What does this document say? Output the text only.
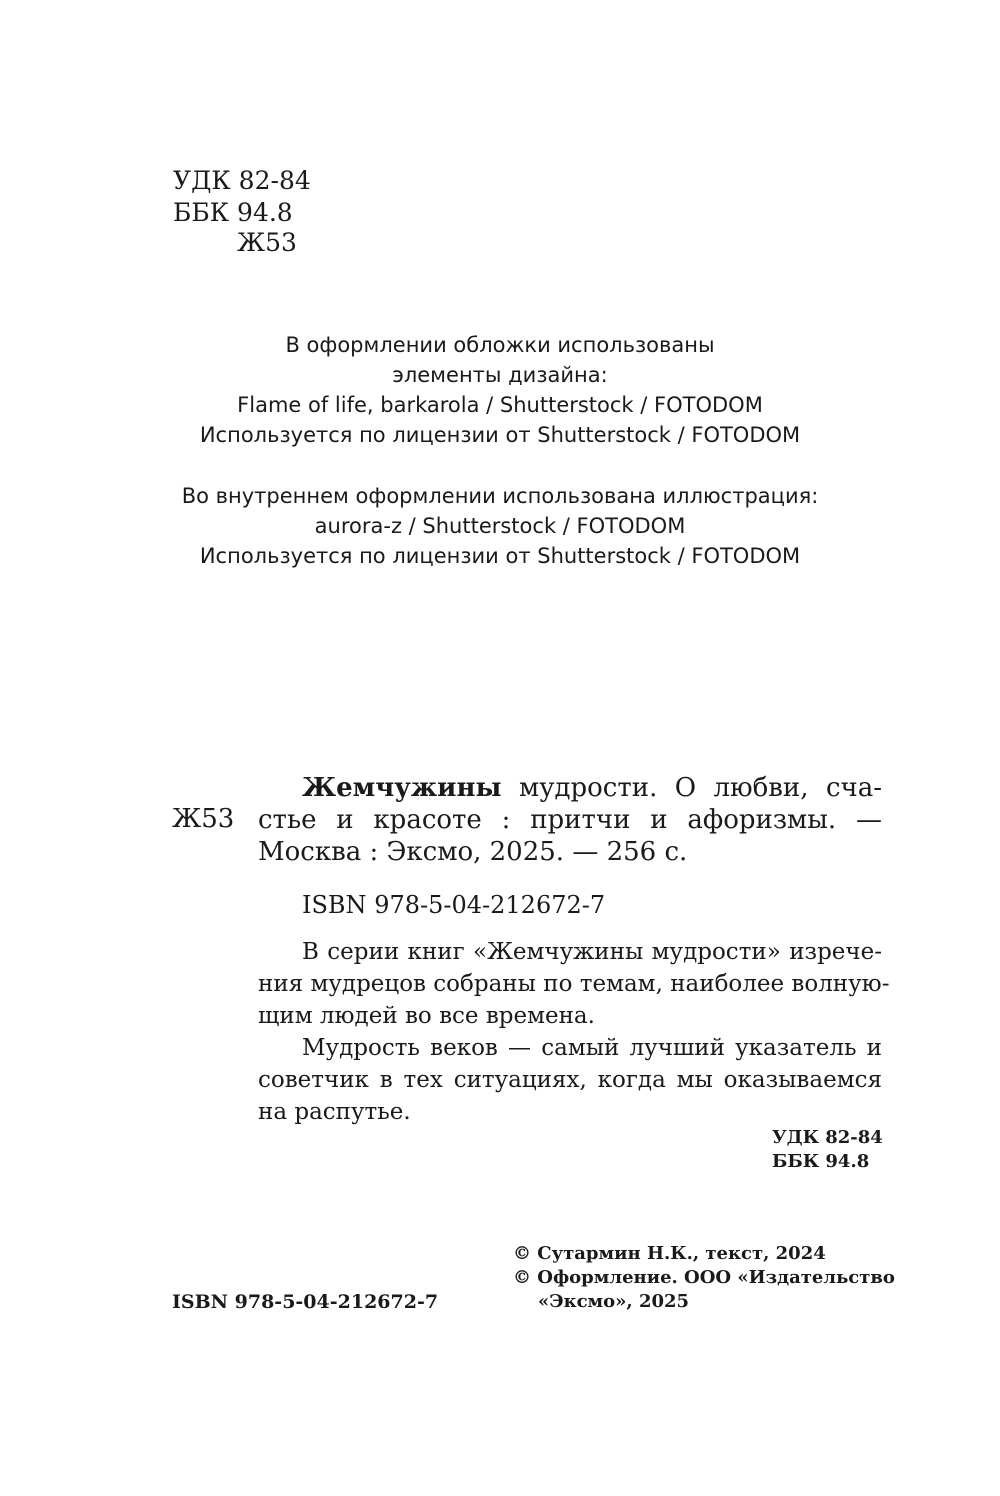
УДК 82-84
ББК 94.8
Ж53
В оформлении обложки использованы
элементы дизайна:
Flame of life, barkarola / Shutterstock / FOTODOM
Используется по лицензии от Shutterstock / FOTODOM
Во внутреннем оформлении использована иллюстрация:
aurora-z / Shutterstock / FOTODOM
Используется по лицензии от Shutterstock / FOTODOM
Ж53
Жемчужины мудрости. О любви, сча-
стье и красоте : притчи и афоризмы. —
Москва : Эксмо, 2025. — 256 с.
ISBN 978-5-04-212672-7
В серии книг «Жемчужины мудрости» изрече-
ния мудрецов собраны по темам, наиболее волную-
щим людей во все времена.
Мудрость веков — самый лучший указатель и
советчик в тех ситуациях, когда мы оказываемся
на распутье.
УДК 82-84
ББК 94.8
© Сутармин Н.К., текст, 2024
© Оформление. ООО «Издательство
«Эксмо», 2025
ISBN 978-5-04-212672-7
